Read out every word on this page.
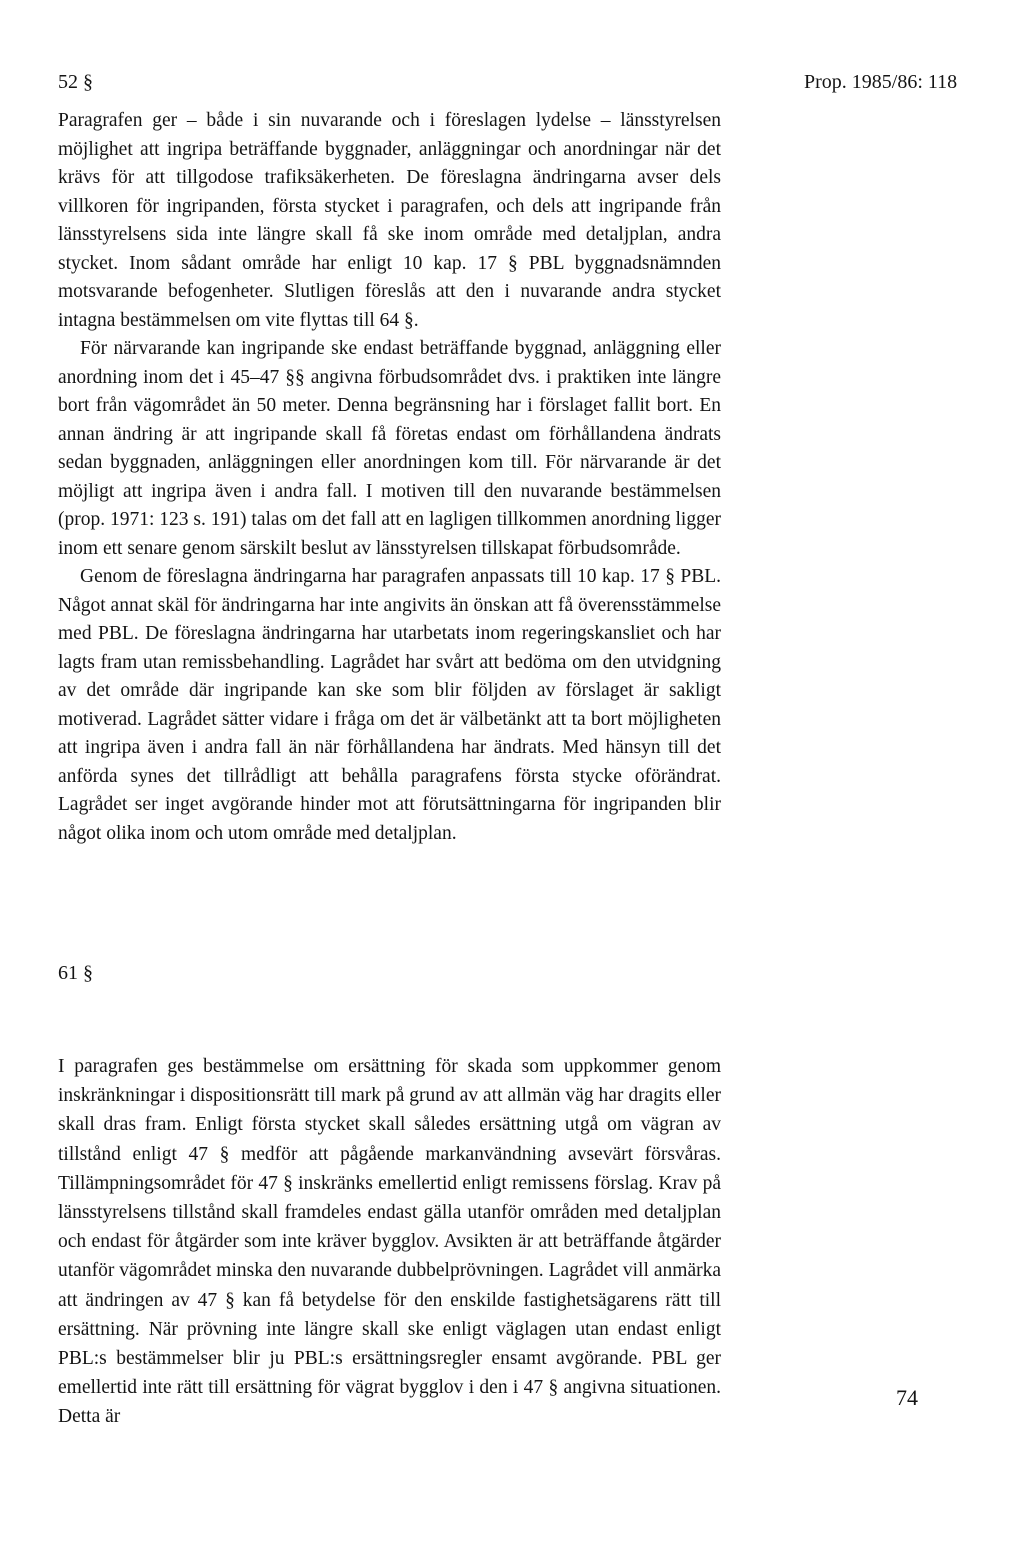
52 §	Prop. 1985/86: 118

Paragrafen ger – både i sin nuvarande och i föreslagen lydelse – länsstyrelsen möjlighet att ingripa beträffande byggnader, anläggningar och anordningar när det krävs för att tillgodose trafiksäkerheten. De föreslagna ändringarna avser dels villkoren för ingripanden, första stycket i paragrafen, och dels att ingripande från länsstyrelsens sida inte längre skall få ske inom område med detaljplan, andra stycket. Inom sådant område har enligt 10 kap. 17 § PBL byggnadsnämnden motsvarande befogenheter. Slutligen föreslås att den i nuvarande andra stycket intagna bestämmelsen om vite flyttas till 64 §.

För närvarande kan ingripande ske endast beträffande byggnad, anläggning eller anordning inom det i 45–47 §§ angivna förbudsområdet dvs. i praktiken inte längre bort från vägområdet än 50 meter. Denna begränsning har i förslaget fallit bort. En annan ändring är att ingripande skall få företas endast om förhållandena ändrats sedan byggnaden, anläggningen eller anordningen kom till. För närvarande är det möjligt att ingripa även i andra fall. I motiven till den nuvarande bestämmelsen (prop. 1971: 123 s. 191) talas om det fall att en lagligen tillkommen anordning ligger inom ett senare genom särskilt beslut av länsstyrelsen tillskapat förbudsområde.

Genom de föreslagna ändringarna har paragrafen anpassats till 10 kap. 17 § PBL. Något annat skäl för ändringarna har inte angivits än önskan att få överensstämmelse med PBL. De föreslagna ändringarna har utarbetats inom regeringskansliet och har lagts fram utan remissbehandling. Lagrådet har svårt att bedöma om den utvidgning av det område där ingripande kan ske som blir följden av förslaget är sakligt motiverad. Lagrådet sätter vidare i fråga om det är välbetänkt att ta bort möjligheten att ingripa även i andra fall än när förhållandena har ändrats. Med hänsyn till det anförda synes det tillrådligt att behålla paragrafens första stycke oförändrat. Lagrådet ser inget avgörande hinder mot att förutsättningarna för ingripanden blir något olika inom och utom område med detaljplan.

61 §

I paragrafen ges bestämmelse om ersättning för skada som uppkommer genom inskränkningar i dispositionsrätt till mark på grund av att allmän väg har dragits eller skall dras fram. Enligt första stycket skall således ersättning utgå om vägran av tillstånd enligt 47 § medför att pågående markanvändning avsevärt försvåras. Tillämpningsområdet för 47 § inskränks emellertid enligt remissens förslag. Krav på länsstyrelsens tillstånd skall framdeles endast gälla utanför områden med detaljplan och endast för åtgärder som inte kräver bygglov. Avsikten är att beträffande åtgärder utanför vägområdet minska den nuvarande dubbelprövningen. Lagrådet vill anmärka att ändringen av 47 § kan få betydelse för den enskilde fastighetsägarens rätt till ersättning. När prövning inte längre skall ske enligt väglagen utan endast enligt PBL:s bestämmelser blir ju PBL:s ersättningsregler ensamt avgörande. PBL ger emellertid inte rätt till ersättning för vägrat bygglov i den i 47 § angivna situationen. Detta är

74
